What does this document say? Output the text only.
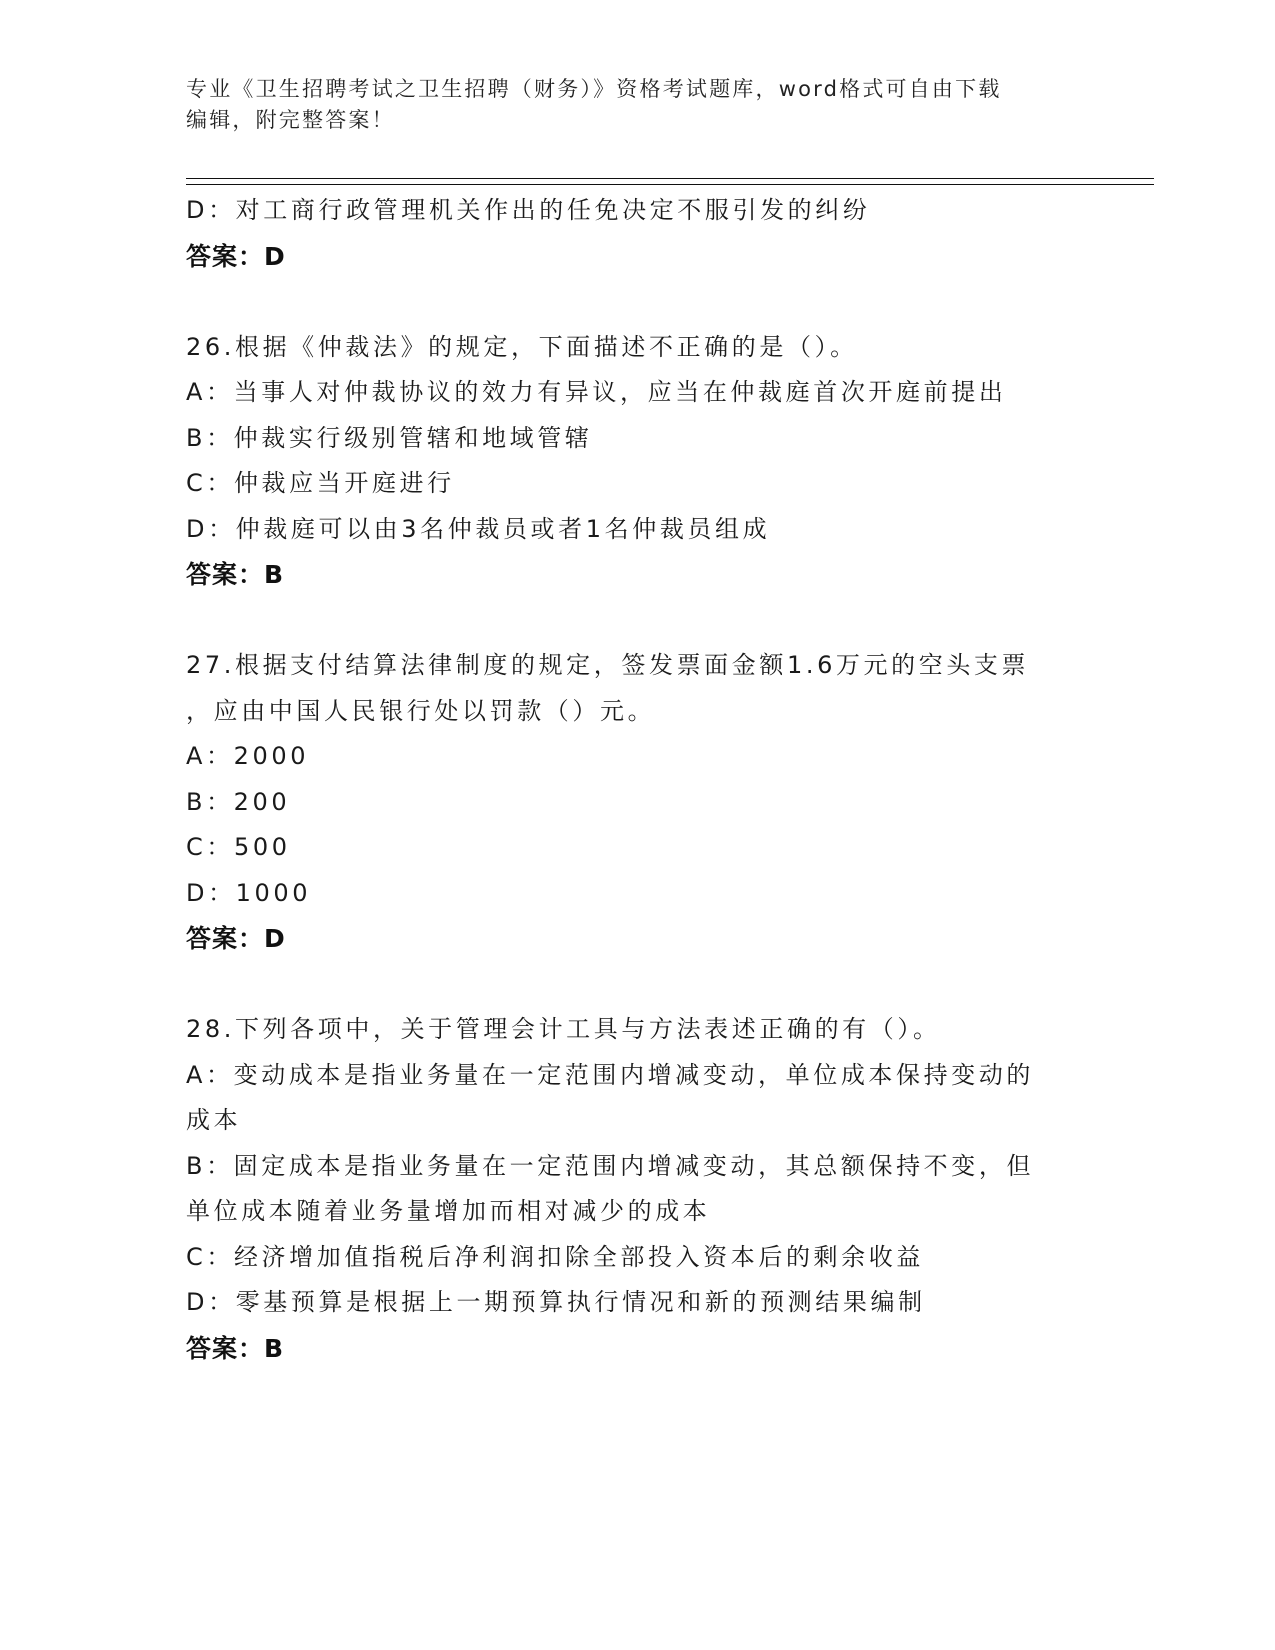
专业《卫生招聘考试之卫生招聘（财务）》资格考试题库，word格式可自由下载
编辑，附完整答案！
D：对工商行政管理机关作出的任免决定不服引发的纠纷
答案：D
26.根据《仲裁法》的规定，下面描述不正确的是（）。
A：当事人对仲裁协议的效力有异议，应当在仲裁庭首次开庭前提出
B：仲裁实行级别管辖和地域管辖
C：仲裁应当开庭进行
D：仲裁庭可以由3名仲裁员或者1名仲裁员组成
答案：B
27.根据支付结算法律制度的规定，签发票面金额1.6万元的空头支票
，应由中国人民银行处以罚款（）元。
A：2000
B：200
C：500
D：1000
答案：D
28.下列各项中，关于管理会计工具与方法表述正确的有（）。
A：变动成本是指业务量在一定范围内增减变动，单位成本保持变动的
成本
B：固定成本是指业务量在一定范围内增减变动，其总额保持不变，但
单位成本随着业务量增加而相对减少的成本
C：经济增加值指税后净利润扣除全部投入资本后的剩余收益
D：零基预算是根据上一期预算执行情况和新的预测结果编制
答案：B
